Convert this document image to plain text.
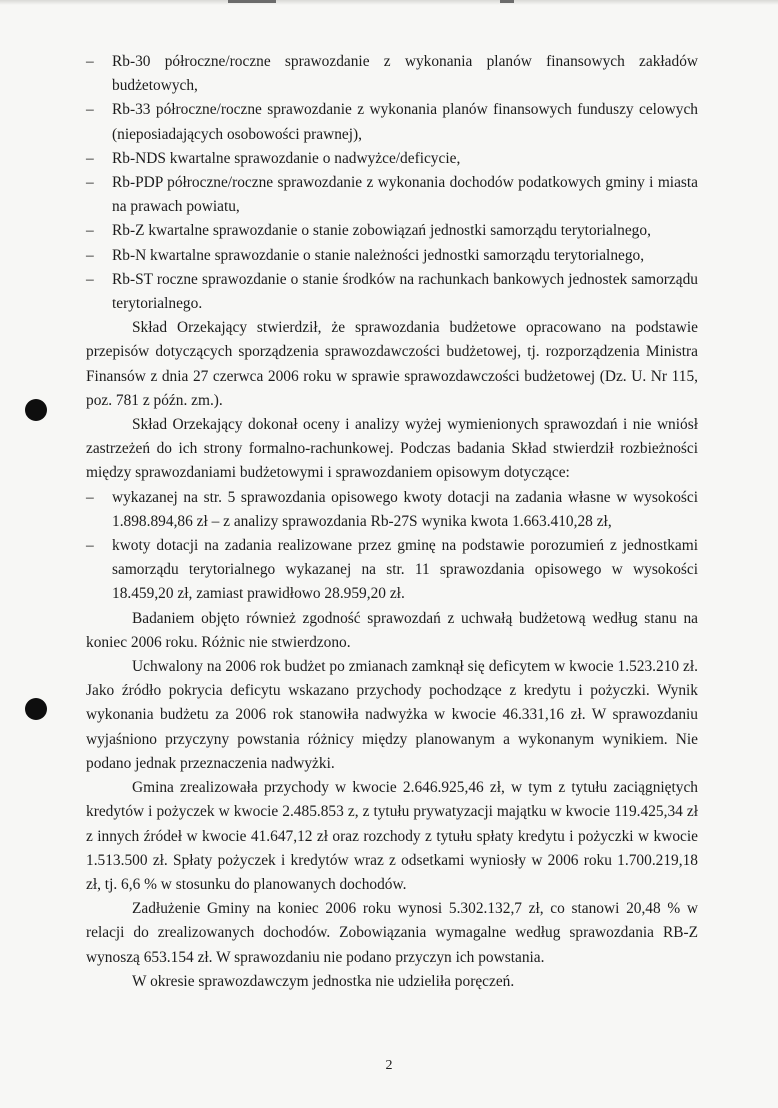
–	Rb-30 półroczne/roczne sprawozdanie z wykonania planów finansowych zakładów budżetowych,
–	Rb-33 półroczne/roczne sprawozdanie z wykonania planów finansowych funduszy celowych (nieposiadających osobowości prawnej),
–	Rb-NDS kwartalne sprawozdanie o nadwyżce/deficycie,
–	Rb-PDP półroczne/roczne sprawozdanie z wykonania dochodów podatkowych gminy i miasta na prawach powiatu,
–	Rb-Z kwartalne sprawozdanie o stanie zobowiązań jednostki samorządu terytorialnego,
–	Rb-N kwartalne sprawozdanie o stanie należności jednostki samorządu terytorialnego,
–	Rb-ST roczne sprawozdanie o stanie środków na rachunkach bankowych jednostek samorządu terytorialnego.

Skład Orzekający stwierdził, że sprawozdania budżetowe opracowano na podstawie przepisów dotyczących sporządzenia sprawozdawczości budżetowej, tj. rozporządzenia Ministra Finansów z dnia 27 czerwca 2006 roku w sprawie sprawozdawczości budżetowej (Dz. U. Nr 115, poz. 781 z późn. zm.).

Skład Orzekający dokonał oceny i analizy wyżej wymienionych sprawozdań i nie wniósł zastrzeżeń do ich strony formalno-rachunkowej. Podczas badania Skład stwierdził rozbieżności między sprawozdaniami budżetowymi i sprawozdaniem opisowym dotyczące:

–	wykazanej na str. 5 sprawozdania opisowego kwoty dotacji na zadania własne w wysokości 1.898.894,86 zł – z analizy sprawozdania Rb-27S wynika kwota 1.663.410,28 zł,
–	kwoty dotacji na zadania realizowane przez gminę na podstawie porozumień z jednostkami samorządu terytorialnego wykazanej na str. 11 sprawozdania opisowego w wysokości 18.459,20 zł, zamiast prawidłowo 28.959,20 zł.

Badaniem objęto również zgodność sprawozdań z uchwałą budżetową według stanu na koniec 2006 roku. Różnic nie stwierdzono.

Uchwalony na 2006 rok budżet po zmianach zamknął się deficytem w kwocie 1.523.210 zł. Jako źródło pokrycia deficytu wskazano przychody pochodzące z kredytu i pożyczki. Wynik wykonania budżetu za 2006 rok stanowiła nadwyżka w kwocie 46.331,16 zł. W sprawozdaniu wyjaśniono przyczyny powstania różnicy między planowanym a wykonanym wynikiem. Nie podano jednak przeznaczenia nadwyżki.

Gmina zrealizowała przychody w kwocie 2.646.925,46 zł, w tym z tytułu zaciągniętych kredytów i pożyczek w kwocie 2.485.853 z, z tytułu prywatyzacji majątku w kwocie 119.425,34 zł z innych źródeł w kwocie 41.647,12 zł oraz rozchody z tytułu spłaty kredytu i pożyczki w kwocie 1.513.500 zł. Spłaty pożyczek i kredytów wraz z odsetkami wyniosły w 2006 roku 1.700.219,18 zł, tj. 6,6 % w stosunku do planowanych dochodów.

Zadłużenie Gminy na koniec 2006 roku wynosi 5.302.132,7 zł, co stanowi 20,48 % w relacji do zrealizowanych dochodów. Zobowiązania wymagalne według sprawozdania RB-Z wynoszą 653.154 zł. W sprawozdaniu nie podano przyczyn ich powstania.

W okresie sprawozdawczym jednostka nie udzieliła poręczeń.

2
